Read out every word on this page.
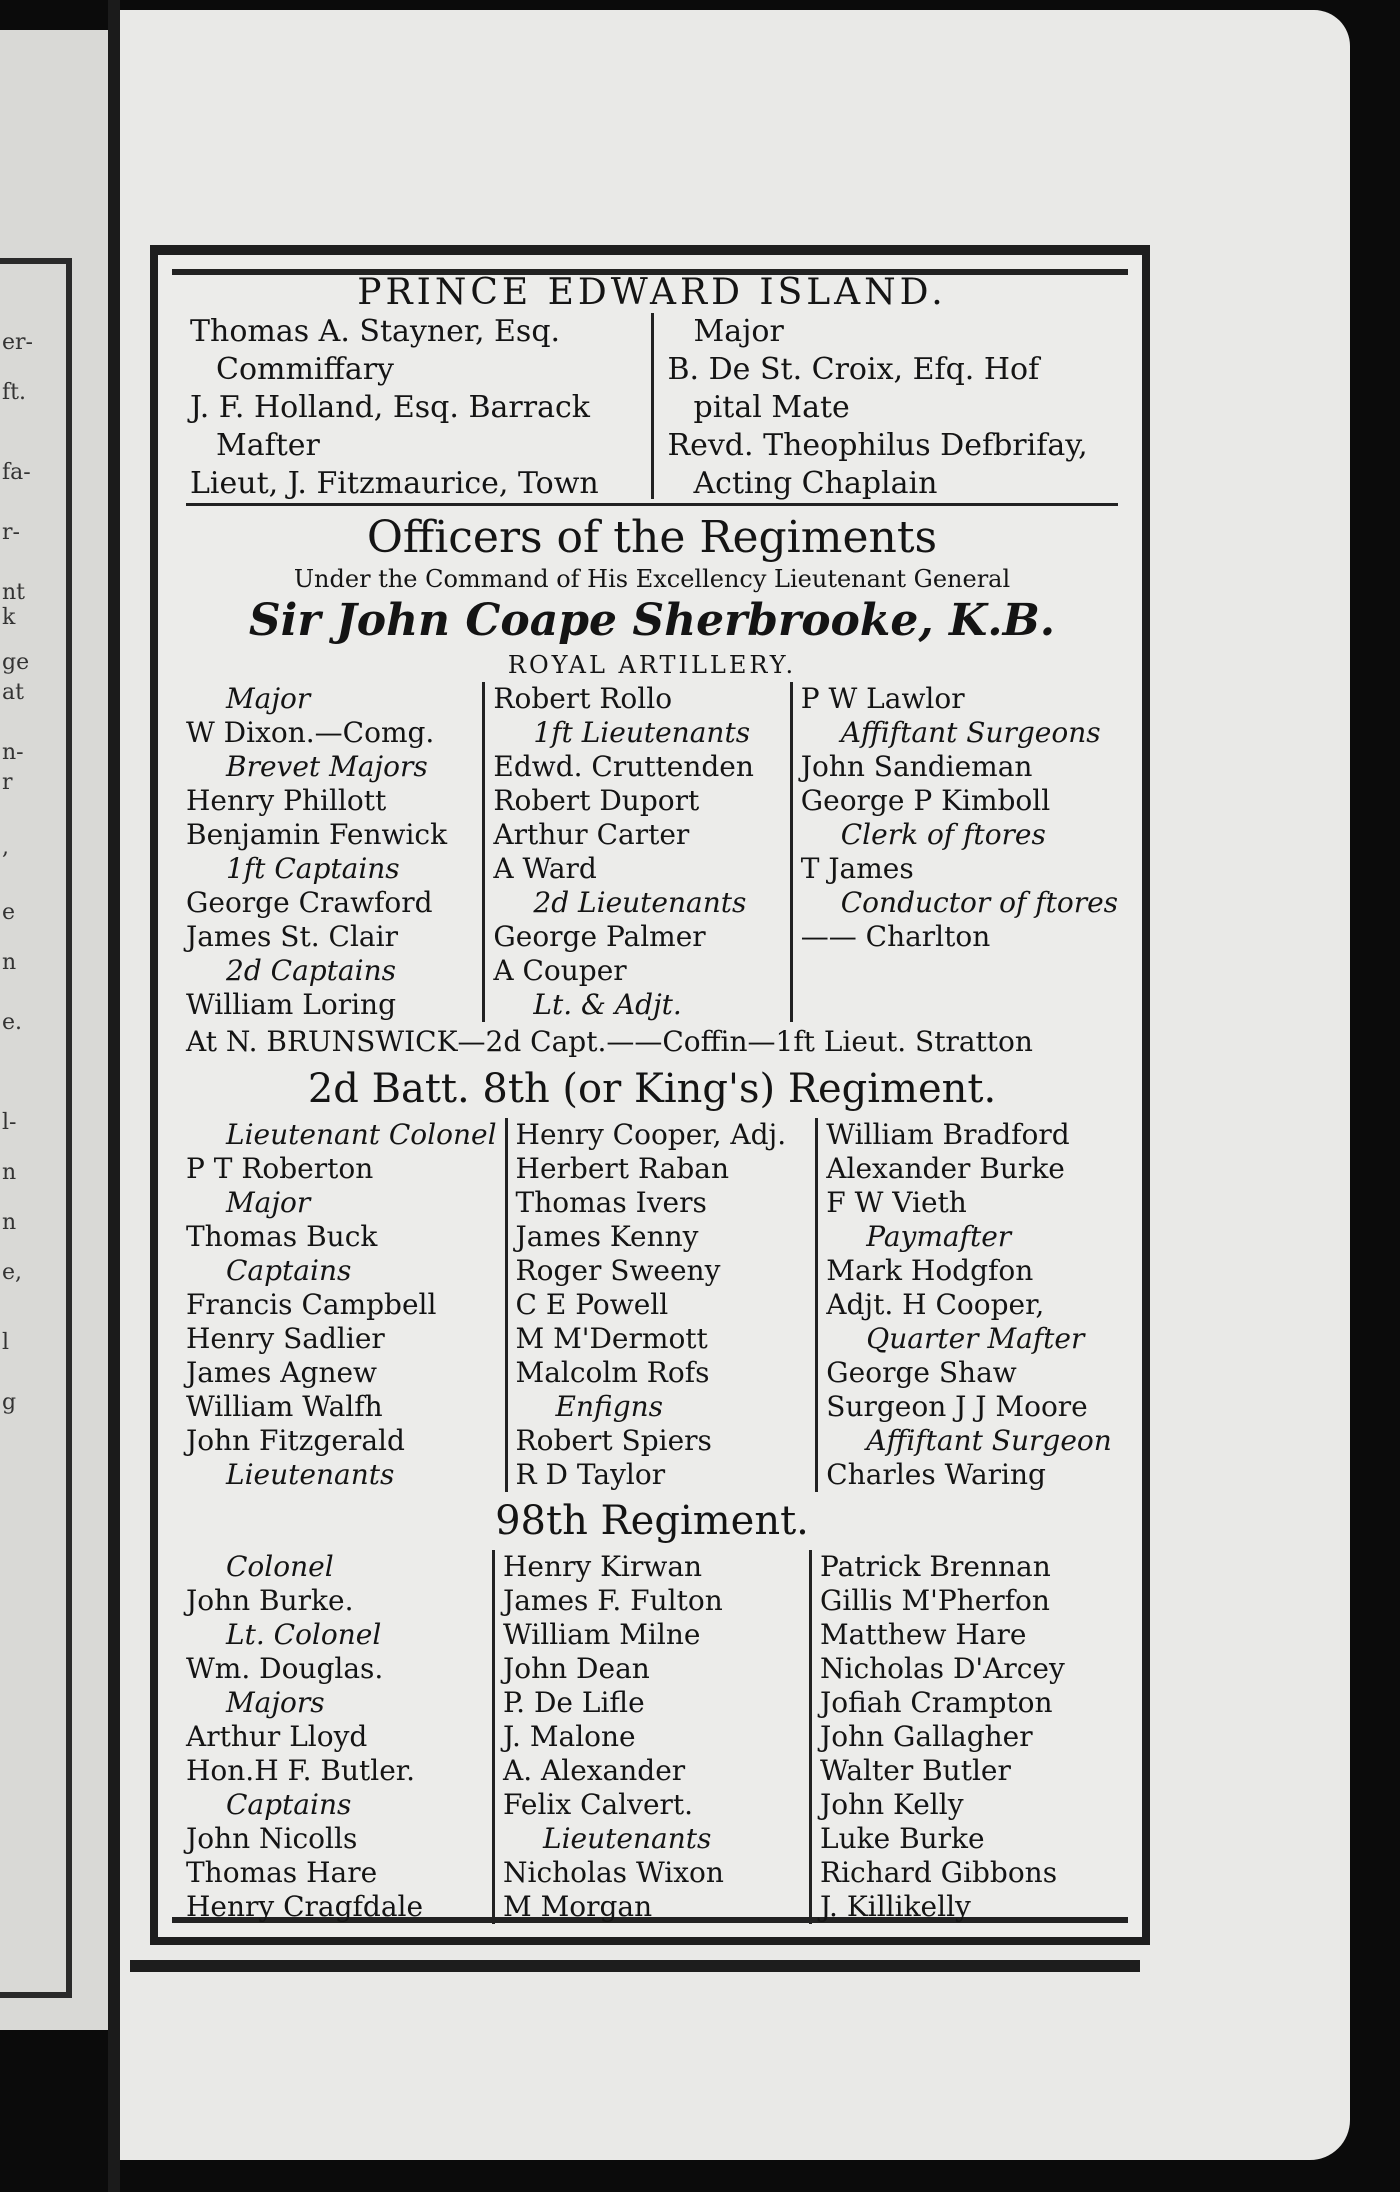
er-
ft.
fa-
r-
nt
k
ge
at
n-
r
,
e
n
e.
l-
n
n
e,
l
g
PRINCE EDWARD ISLAND.
Thomas A. Stayner, Esq.
Commiffary
J. F. Holland, Esq. Barrack
Mafter
Lieut, J. Fitzmaurice, Town
Major
B. De St. Croix, Efq. Hof
pital Mate
Revd. Theophilus Defbrifay,
Acting Chaplain
Officers of the Regiments
Under the Command of His Excellency Lieutenant General
Sir John Coape Sherbrooke, K.B.
ROYAL ARTILLERY.
Major
W Dixon.—Comg.
Brevet Majors
Henry Phillott
Benjamin Fenwick
1ft Captains
George Crawford
James St. Clair
2d Captains
William Loring
Robert Rollo
1ft Lieutenants
Edwd. Cruttenden
Robert Duport
Arthur Carter
A Ward
2d Lieutenants
George Palmer
A Couper
Lt. & Adjt.
P W Lawlor
Affiftant Surgeons
John Sandieman
George P Kimboll
Clerk of ftores
T James
Conductor of ftores
—— Charlton
At N. BRUNSWICK—2d Capt.——Coffin—1ft Lieut. Stratton
2d Batt. 8th (or King's) Regiment.
Lieutenant Colonel
P T Roberton
Major
Thomas Buck
Captains
Francis Campbell
Henry Sadlier
James Agnew
William Walfh
John Fitzgerald
Lieutenants
Henry Cooper, Adj.
Herbert Raban
Thomas Ivers
James Kenny
Roger Sweeny
C E Powell
M M'Dermott
Malcolm Rofs
Enfigns
Robert Spiers
R D Taylor
William Bradford
Alexander Burke
F W Vieth
Paymafter
Mark Hodgfon
Adjt. H Cooper,
Quarter Mafter
George Shaw
Surgeon J J Moore
Affiftant Surgeon
Charles Waring
98th Regiment.
Colonel
John Burke.
Lt. Colonel
Wm. Douglas.
Majors
Arthur Lloyd
Hon.H F. Butler.
Captains
John Nicolls
Thomas Hare
Henry Cragfdale
Henry Kirwan
James F. Fulton
William Milne
John Dean
P. De Lifle
J. Malone
A. Alexander
Felix Calvert.
Lieutenants
Nicholas Wixon
M Morgan
Patrick Brennan
Gillis M'Pherfon
Matthew Hare
Nicholas D'Arcey
Jofiah Crampton
John Gallagher
Walter Butler
John Kelly
Luke Burke
Richard Gibbons
J. Killikelly
